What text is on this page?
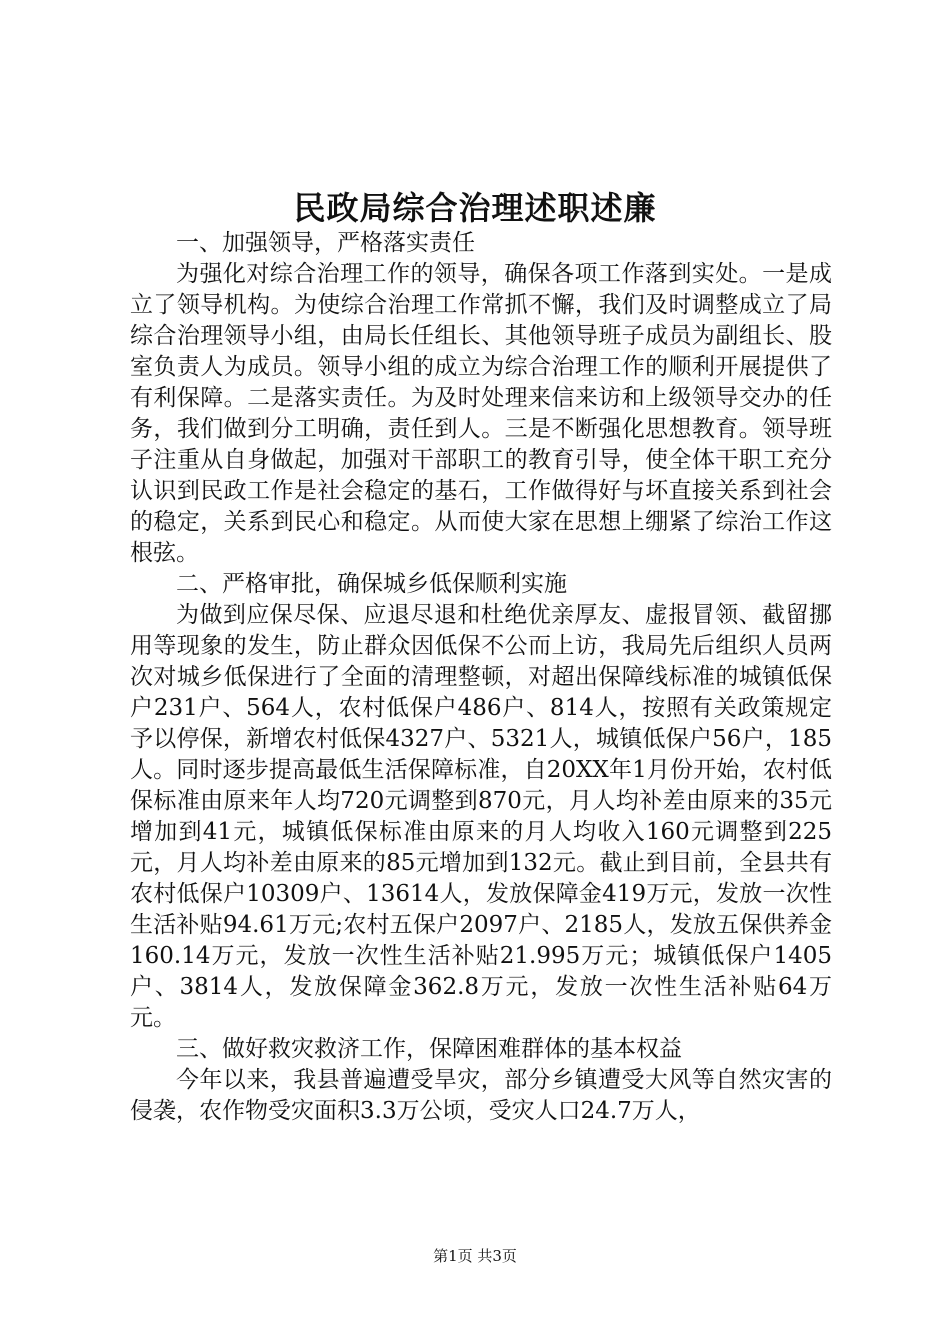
民政局综合治理述职述廉

一、加强领导，严格落实责任

为强化对综合治理工作的领导，确保各项工作落到实处。一是成立了领导机构。为使综合治理工作常抓不懈，我们及时调整成立了局综合治理领导小组，由局长任组长、其他领导班子成员为副组长、股室负责人为成员。领导小组的成立为综合治理工作的顺利开展提供了有利保障。二是落实责任。为及时处理来信来访和上级领导交办的任务，我们做到分工明确，责任到人。三是不断强化思想教育。领导班子注重从自身做起，加强对干部职工的教育引导，使全体干职工充分认识到民政工作是社会稳定的基石，工作做得好与坏直接关系到社会的稳定，关系到民心和稳定。从而使大家在思想上绷紧了综治工作这根弦。

二、严格审批，确保城乡低保顺利实施

为做到应保尽保、应退尽退和杜绝优亲厚友、虚报冒领、截留挪用等现象的发生，防止群众因低保不公而上访，我局先后组织人员两次对城乡低保进行了全面的清理整顿，对超出保障线标准的城镇低保户231户、564人，农村低保户486户、814人，按照有关政策规定予以停保，新增农村低保4327户、5321人，城镇低保户56户，185人。同时逐步提高最低生活保障标准，自20XX年1月份开始，农村低保标准由原来年人均720元调整到870元，月人均补差由原来的35元增加到41元，城镇低保标准由原来的月人均收入160元调整到225元，月人均补差由原来的85元增加到132元。截止到目前，全县共有农村低保户10309户、13614人，发放保障金419万元，发放一次性生活补贴94.61万元;农村五保户2097户、2185人，发放五保供养金160.14万元，发放一次性生活补贴21.995万元；城镇低保户1405户、3814人，发放保障金362.8万元，发放一次性生活补贴64万元。

三、做好救灾救济工作，保障困难群体的基本权益

今年以来，我县普遍遭受旱灾，部分乡镇遭受大风等自然灾害的侵袭，农作物受灾面积3.3万公顷，受灾人口24.7万人，

第1页 共3页
